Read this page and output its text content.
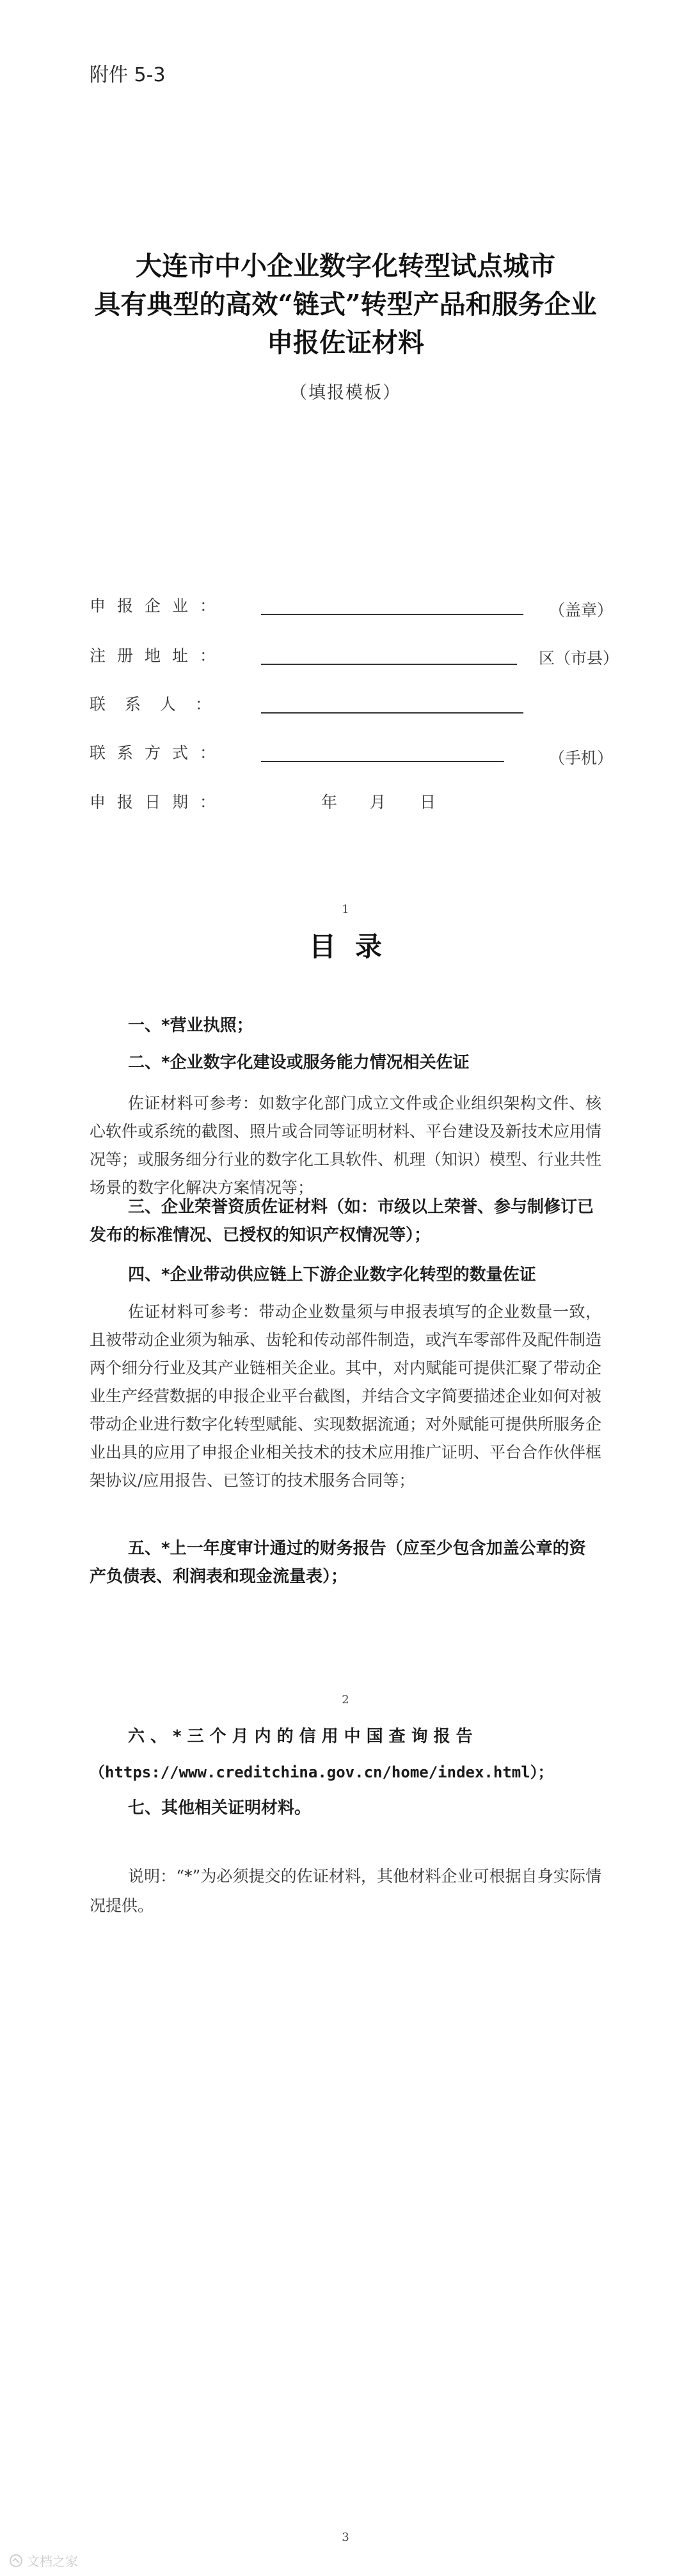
附件 5-3
大连市中小企业数字化转型试点城市
具有典型的高效“链式”转型产品和服务企业
申报佐证材料
（填报模板）
申报企业：	（盖章）
注册地址：	区（市县）
联系人：
联系方式：	（手机）
申报日期：	年 月 日
1
目录
一、*营业执照；
二、*企业数字化建设或服务能力情况相关佐证
佐证材料可参考：如数字化部门成立文件或企业组织架构文件、核心软件或系统的截图、照片或合同等证明材料、平台建设及新技术应用情况等；或服务细分行业的数字化工具软件、机理（知识）模型、行业共性场景的数字化解决方案情况等；
三、企业荣誉资质佐证材料（如：市级以上荣誉、参与制修订已发布的标准情况、已授权的知识产权情况等）；
四、*企业带动供应链上下游企业数字化转型的数量佐证
佐证材料可参考：带动企业数量须与申报表填写的企业数量一致，且被带动企业须为轴承、齿轮和传动部件制造，或汽车零部件及配件制造两个细分行业及其产业链相关企业。其中，对内赋能可提供汇聚了带动企业生产经营数据的申报企业平台截图，并结合文字简要描述企业如何对被带动企业进行数字化转型赋能、实现数据流通；对外赋能可提供所服务企业出具的应用了申报企业相关技术的技术应用推广证明、平台合作伙伴框架协议/应用报告、已签订的技术服务合同等；
五、*上一年度审计通过的财务报告（应至少包含加盖公章的资产负债表、利润表和现金流量表）；
2
六、*三个月内的信用中国查询报告
（https://www.creditchina.gov.cn/home/index.html）；
七、其他相关证明材料。
说明：“*”为必须提交的佐证材料，其他材料企业可根据自身实际情况提供。
3
文档之家
